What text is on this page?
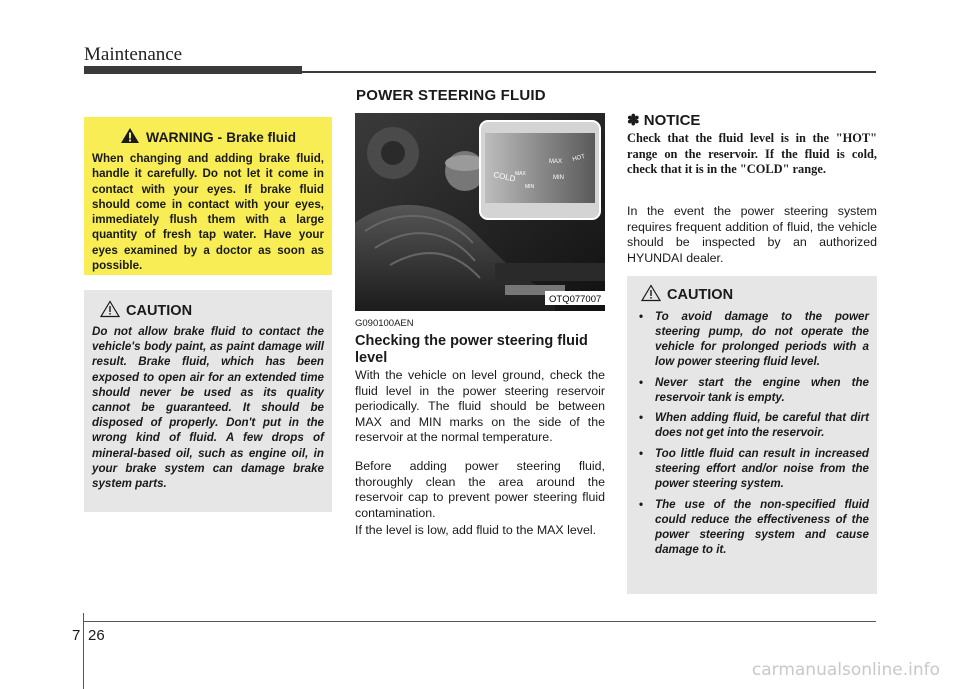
Maintenance
POWER STEERING FLUID
WARNING - Brake fluid
When changing and adding brake fluid, handle it carefully. Do not let it come in contact with your eyes. If brake fluid should come in contact with your eyes, immediately flush them with a large quantity of fresh tap water. Have your eyes examined by a doctor as soon as possible.
CAUTION
Do not allow brake fluid to contact the vehicle's body paint, as paint damage will result. Brake fluid, which has been exposed to open air for an extended time should never be used as its quality cannot be guaranteed. It should be disposed of properly. Don't put in the wrong kind of fluid. A few drops of mineral-based oil, such as engine oil, in your brake system can damage brake system parts.
COLD
MAX
MIN
MAX HOT
MIN
OTQ077007
G090100AEN
Checking the power steering fluid level
With the vehicle on level ground, check the fluid level in the power steering reservoir periodically. The fluid should be between MAX and MIN marks on the side of the reservoir at the normal temperature.
Before adding power steering fluid, thoroughly clean the area around the reservoir cap to prevent power steering fluid contamination.
If the level is low, add fluid to the MAX level.
✽ NOTICE
Check that the fluid level is in the "HOT" range on the reservoir. If the fluid is cold, check that it is in the "COLD" range.
In the event the power steering system requires frequent addition of fluid, the vehicle should be inspected by an authorized HYUNDAI dealer.
CAUTION
• To avoid damage to the power steering pump, do not operate the vehicle for prolonged periods with a low power steering fluid level.
• Never start the engine when the reservoir tank is empty.
• When adding fluid, be careful that dirt does not get into the reservoir.
• Too little fluid can result in increased steering effort and/or noise from the power steering system.
• The use of the non-specified fluid could reduce the effectiveness of the power steering system and cause damage to it.
7 26
carmanualsonline.info
